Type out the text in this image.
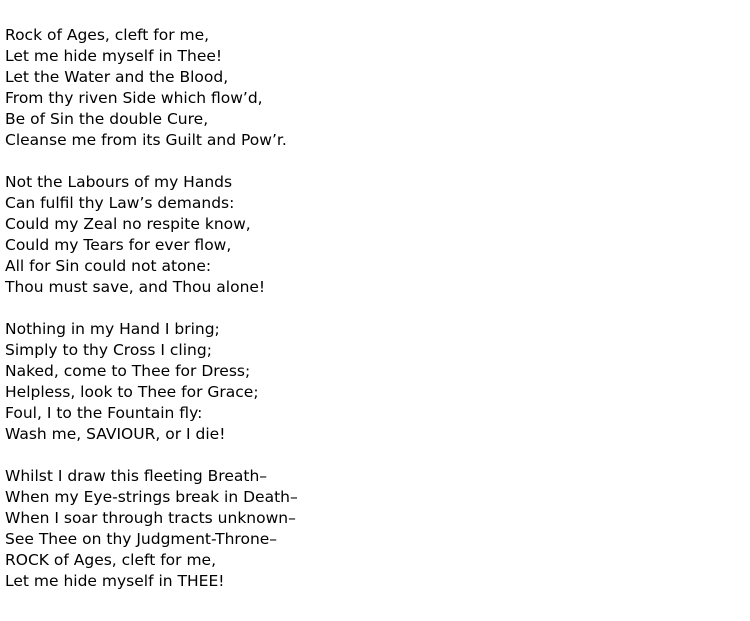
Rock of Ages, cleft for me,
Let me hide myself in Thee!
Let the Water and the Blood,
From thy riven Side which flow’d,
Be of Sin the double Cure,
Cleanse me from its Guilt and Pow’r.
Not the Labours of my Hands
Can fulfil thy Law’s demands:
Could my Zeal no respite know,
Could my Tears for ever flow,
All for Sin could not atone:
Thou must save, and Thou alone!
Nothing in my Hand I bring;
Simply to thy Cross I cling;
Naked, come to Thee for Dress;
Helpless, look to Thee for Grace;
Foul, I to the Fountain fly:
Wash me, SAVIOUR, or I die!
Whilst I draw this fleeting Breath–
When my Eye-strings break in Death–
When I soar through tracts unknown–
See Thee on thy Judgment-Throne–
ROCK of Ages, cleft for me,
Let me hide myself in THEE!
